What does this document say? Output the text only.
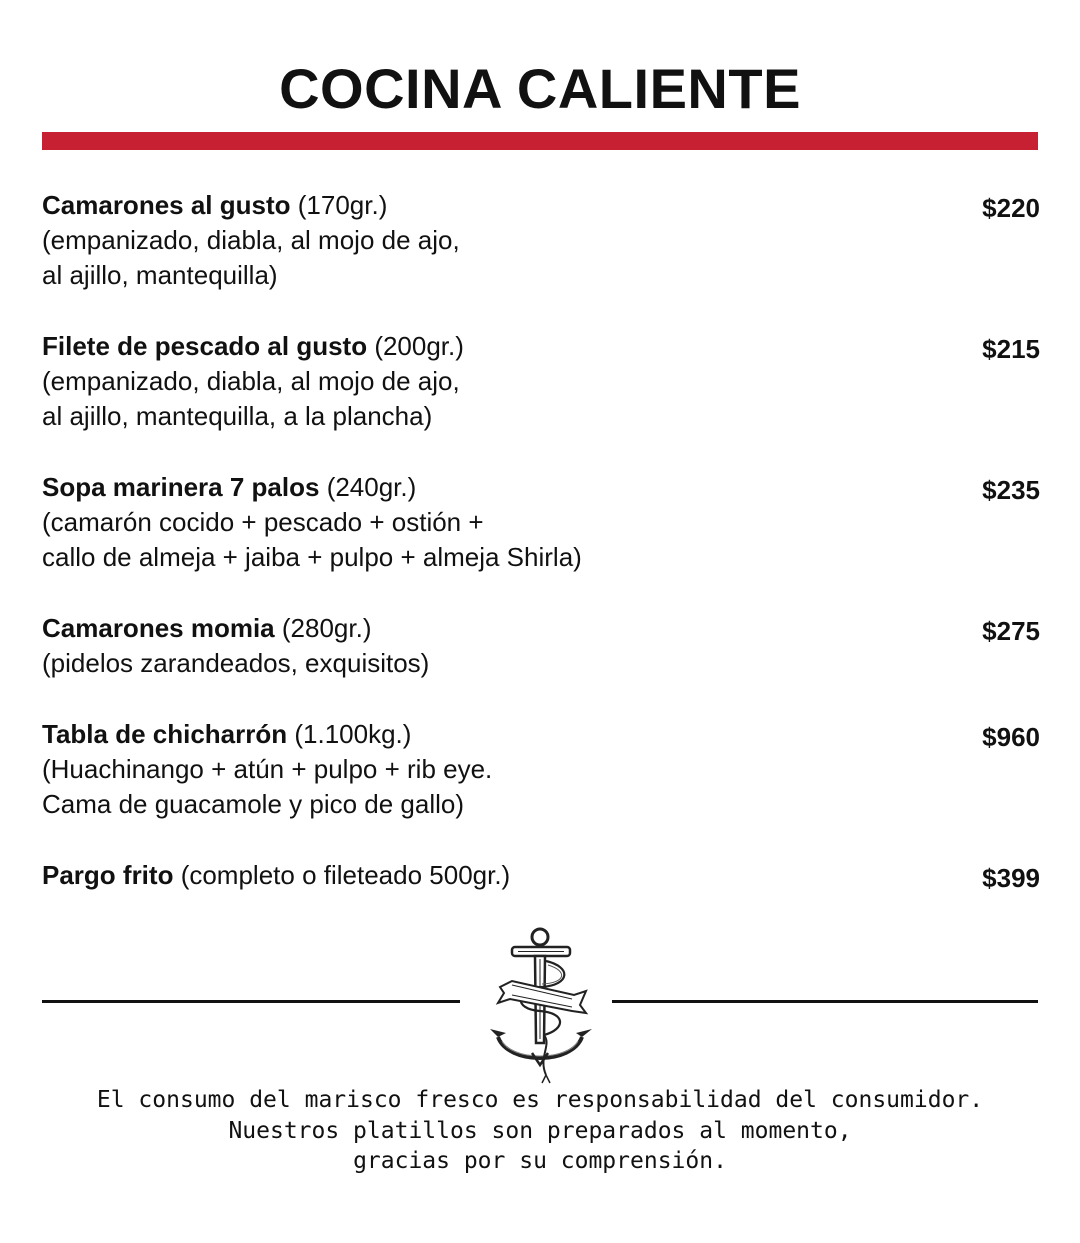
COCINA CALIENTE
Camarones al gusto (170gr.)
(empanizado, diabla, al mojo de ajo,
al ajillo, mantequilla)
$220
Filete de pescado al gusto (200gr.)
(empanizado, diabla, al mojo de ajo,
al ajillo, mantequilla, a la plancha)
$215
Sopa marinera 7 palos (240gr.)
(camarón cocido + pescado + ostión +
callo de almeja + jaiba + pulpo + almeja Shirla)
$235
Camarones momia (280gr.)
(pidelos zarandeados, exquisitos)
$275
Tabla de chicharrón (1.100kg.)
(Huachinango + atún + pulpo + rib eye.
Cama de guacamole y pico de gallo)
$960
Pargo frito (completo o fileteado 500gr.)	$399
El consumo del marisco fresco es responsabilidad del consumidor.
Nuestros platillos son preparados al momento,
gracias por su comprensión.
